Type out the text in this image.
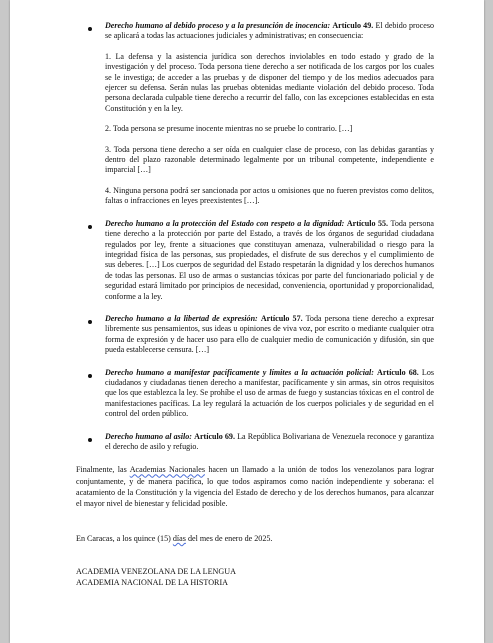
Derecho humano al debido proceso y a la presunción de inocencia: Artículo 49. El debido proceso se aplicará a todas las actuaciones judiciales y administrativas; en consecuencia:

1. La defensa y la asistencia jurídica son derechos inviolables en todo estado y grado de la investigación y del proceso. Toda persona tiene derecho a ser notificada de los cargos por los cuales se le investiga; de acceder a las pruebas y de disponer del tiempo y de los medios adecuados para ejercer su defensa. Serán nulas las pruebas obtenidas mediante violación del debido proceso. Toda persona declarada culpable tiene derecho a recurrir del fallo, con las excepciones establecidas en esta Constitución y en la ley.

2. Toda persona se presume inocente mientras no se pruebe lo contrario. […]

3. Toda persona tiene derecho a ser oída en cualquier clase de proceso, con las debidas garantías y dentro del plazo razonable determinado legalmente por un tribunal competente, independiente e imparcial […]

4. Ninguna persona podrá ser sancionada por actos u omisiones que no fueren previstos como delitos, faltas o infracciones en leyes preexistentes […].

Derecho humano a la protección del Estado con respeto a la dignidad: Artículo 55. Toda persona tiene derecho a la protección por parte del Estado, a través de los órganos de seguridad ciudadana regulados por ley, frente a situaciones que constituyan amenaza, vulnerabilidad o riesgo para la integridad física de las personas, sus propiedades, el disfrute de sus derechos y el cumplimiento de sus deberes. […] Los cuerpos de seguridad del Estado respetarán la dignidad y los derechos humanos de todas las personas. El uso de armas o sustancias tóxicas por parte del funcionariado policial y de seguridad estará limitado por principios de necesidad, conveniencia, oportunidad y proporcionalidad, conforme a la ley.

Derecho humano a la libertad de expresión: Artículo 57. Toda persona tiene derecho a expresar libremente sus pensamientos, sus ideas u opiniones de viva voz, por escrito o mediante cualquier otra forma de expresión y de hacer uso para ello de cualquier medio de comunicación y difusión, sin que pueda establecerse censura. […]

Derecho humano a manifestar pacíficamente y límites a la actuación policial: Artículo 68. Los ciudadanos y ciudadanas tienen derecho a manifestar, pacíficamente y sin armas, sin otros requisitos que los que establezca la ley. Se prohíbe el uso de armas de fuego y sustancias tóxicas en el control de manifestaciones pacíficas. La ley regulará la actuación de los cuerpos policiales y de seguridad en el control del orden público.

Derecho humano al asilo: Artículo 69. La República Bolivariana de Venezuela reconoce y garantiza el derecho de asilo y refugio.

Finalmente, las Academias Nacionales hacen un llamado a la unión de todos los venezolanos para lograr conjuntamente, y de manera pacífica, lo que todos aspiramos como nación independiente y soberana: el acatamiento de la Constitución y la vigencia del Estado de derecho y de los derechos humanos, para alcanzar el mayor nivel de bienestar y felicidad posible.

En Caracas, a los quince (15) días del mes de enero de 2025.

ACADEMIA VENEZOLANA DE LA LENGUA
ACADEMIA NACIONAL DE LA HISTORIA
